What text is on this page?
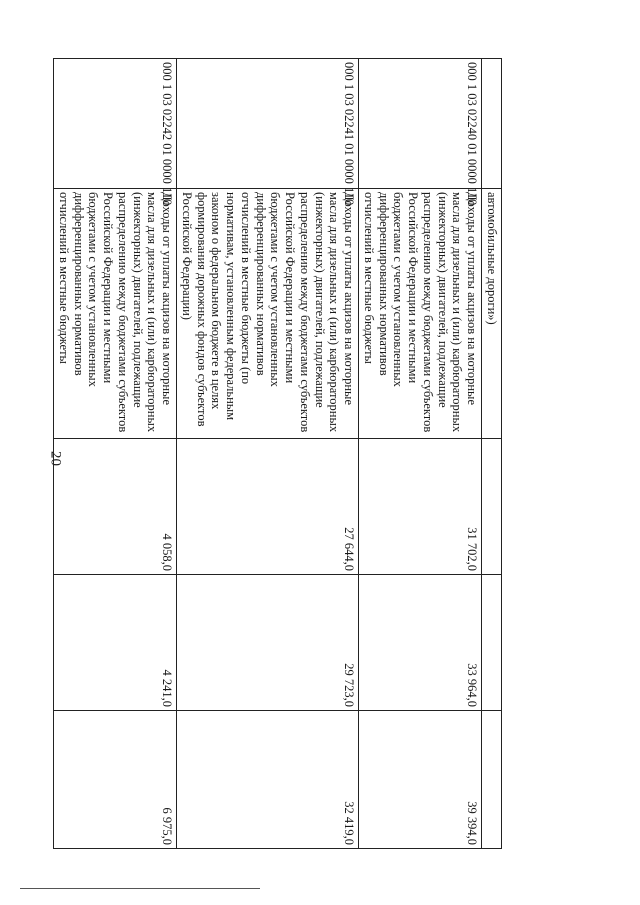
20
	автомобильные дороги»)			
000 1 03 02240 01 0000 110	Доходы от уплаты акцизов на моторные масла для дизельных и (или) карбюраторных (инжекторных) двигателей, подлежащие распределению между бюджетами субъектов Российской Федерации и местными бюджетами с учетом установленных дифференцированных нормативов отчислений в местные бюджеты	31 702,0	33 964,0	39 394,0
000 1 03 02241 01 0000 110	Доходы от уплаты акцизов на моторные масла для дизельных и (или) карбюраторных (инжекторных) двигателей, подлежащие распределению между бюджетами субъектов Российской Федерации и местными бюджетами с учетом установленных дифференцированных нормативов отчислений в местные бюджеты (по нормативам, установленным федеральным законом о федеральном бюджете в целях формирования дорожных фондов субъектов Российской Федерации)	27 644,0	29 723,0	32 419,0
000 1 03 02242 01 0000 110	Доходы от уплаты акцизов на моторные масла для дизельных и (или) карбюраторных (инжекторных) двигателей, подлежащие распределению между бюджетами субъектов Российской Федерации и местными бюджетами с учетом установленных дифференцированных нормативов отчислений в местные бюджеты	4 058,0	4 241,0	6 975,0
